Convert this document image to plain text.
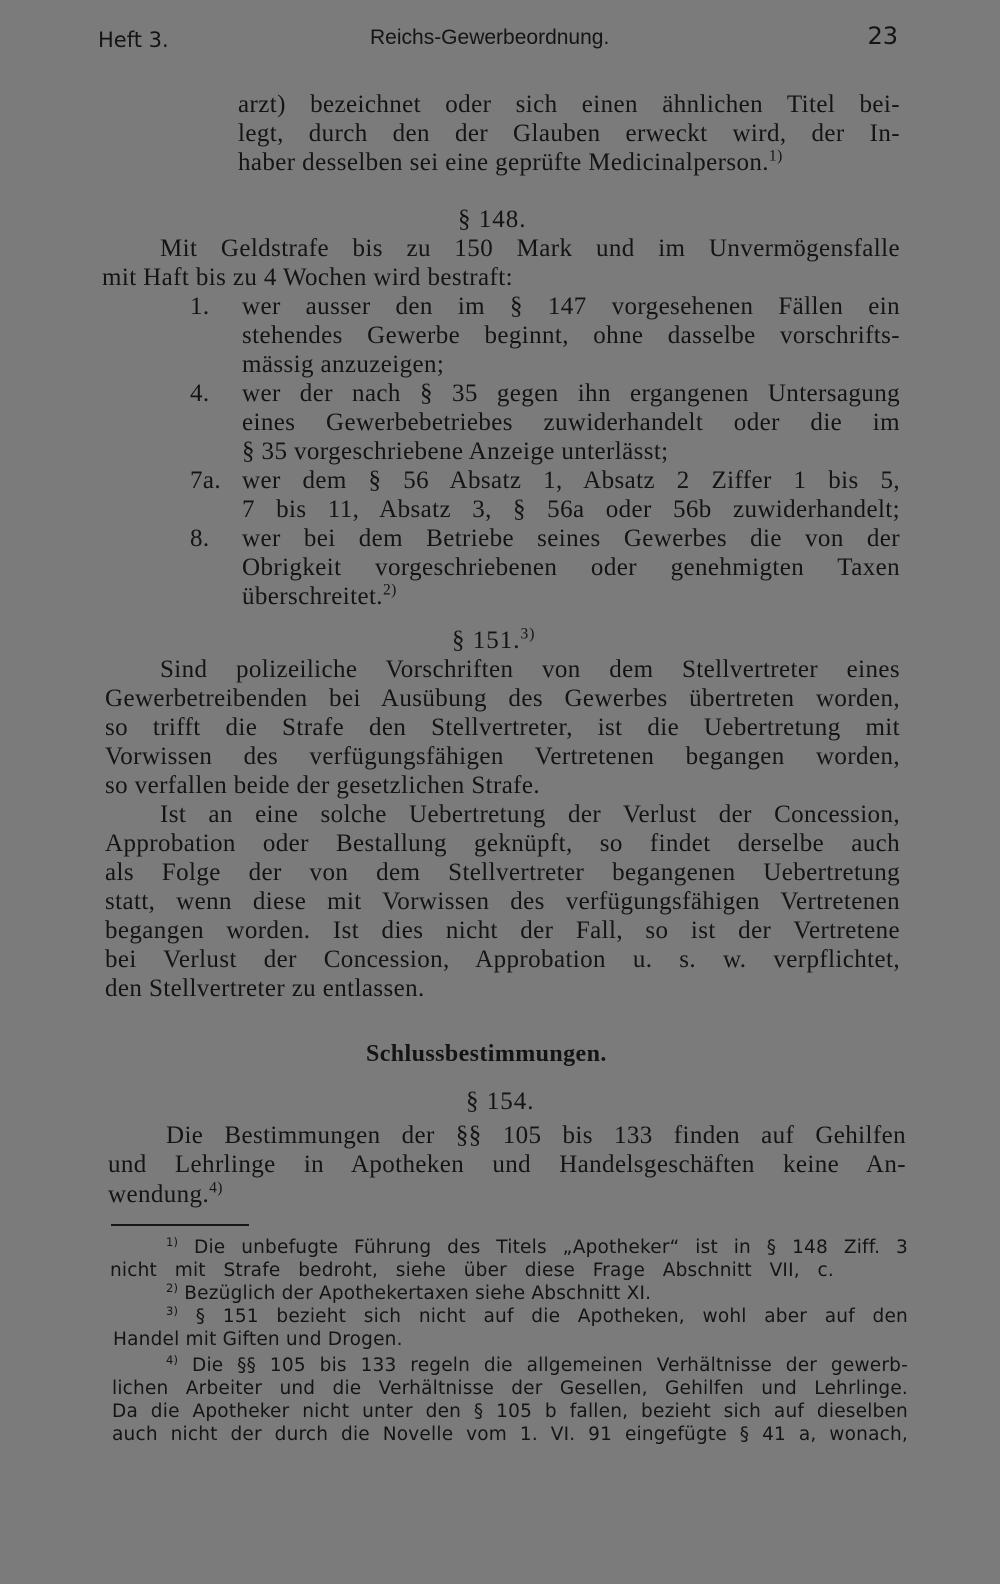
Heft 3.	Reichs-Gewerbeordnung.	23
arzt) bezeichnet oder sich einen ähnlichen Titel bei-
legt, durch den der Glauben erweckt wird, der In-
haber desselben sei eine geprüfte Medicinalperson.$^{1)}$
§ 148.
Mit Geldstrafe bis zu 150 Mark und im Unvermögensfalle
mit Haft bis zu 4 Wochen wird bestraft:
1. wer ausser den im § 147 vorgesehenen Fällen ein
stehendes Gewerbe beginnt, ohne dasselbe vorschrifts-
mässig anzuzeigen;
4. wer der nach § 35 gegen ihn ergangenen Untersagung
eines Gewerbebetriebes zuwiderhandelt oder die im
§ 35 vorgeschriebene Anzeige unterlässt;
7a. wer dem § 56 Absatz 1, Absatz 2 Ziffer 1 bis 5,
7 bis 11, Absatz 3, § 56a oder 56b zuwiderhandelt;
8. wer bei dem Betriebe seines Gewerbes die von der
Obrigkeit vorgeschriebenen oder genehmigten Taxen
überschreitet.$^{2)}$
§ 151.$^{3)}$
Sind polizeiliche Vorschriften von dem Stellvertreter eines
Gewerbetreibenden bei Ausübung des Gewerbes übertreten worden,
so trifft die Strafe den Stellvertreter, ist die Uebertretung mit
Vorwissen des verfügungsfähigen Vertretenen begangen worden,
so verfallen beide der gesetzlichen Strafe.
Ist an eine solche Uebertretung der Verlust der Concession,
Approbation oder Bestallung geknüpft, so findet derselbe auch
als Folge der von dem Stellvertreter begangenen Uebertretung
statt, wenn diese mit Vorwissen des verfügungsfähigen Vertretenen
begangen worden. Ist dies nicht der Fall, so ist der Vertretene
bei Verlust der Concession, Approbation u. s. w. verpflichtet,
den Stellvertreter zu entlassen.
Schlussbestimmungen.
§ 154.
Die Bestimmungen der §§ 105 bis 133 finden auf Gehilfen
und Lehrlinge in Apotheken und Handelsgeschäften keine An-
wendung.$^{4)}$
$^{1)}$ Die unbefugte Führung des Titels „Apotheker“ ist in § 148 Ziff. 3
nicht mit Strafe bedroht, siehe über diese Frage Abschnitt VII, c.
$^{2)}$ Bezüglich der Apothekertaxen siehe Abschnitt XI.
$^{3)}$ § 151 bezieht sich nicht auf die Apotheken, wohl aber auf den
Handel mit Giften und Drogen.
$^{4)}$ Die §§ 105 bis 133 regeln die allgemeinen Verhältnisse der gewerb-
lichen Arbeiter und die Verhältnisse der Gesellen, Gehilfen und Lehrlinge.
Da die Apotheker nicht unter den § 105 b fallen, bezieht sich auf dieselben
auch nicht der durch die Novelle vom 1. VI. 91 eingefügte § 41 a, wonach,
